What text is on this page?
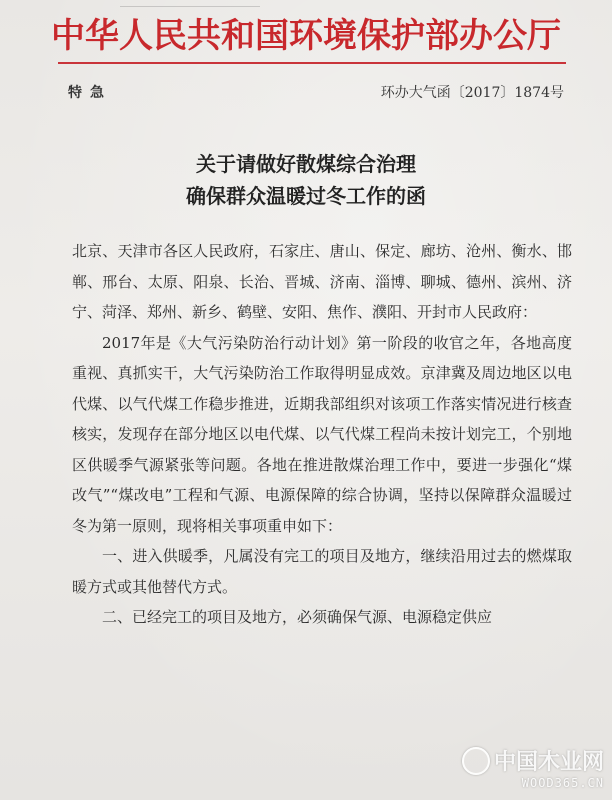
中华人民共和国环境保护部办公厅
特急	环办大气函〔2017〕1874号
关于请做好散煤综合治理
确保群众温暖过冬工作的函

北京、天津市各区人民政府，石家庄、唐山、保定、廊坊、沧州、衡水、邯郸、邢台、太原、阳泉、长治、晋城、济南、淄博、聊城、德州、滨州、济宁、菏泽、郑州、新乡、鹤壁、安阳、焦作、濮阳、开封市人民政府：

2017年是《大气污染防治行动计划》第一阶段的收官之年，各地高度重视、真抓实干，大气污染防治工作取得明显成效。京津冀及周边地区以电代煤、以气代煤工作稳步推进，近期我部组织对该项工作落实情况进行核查核实，发现存在部分地区以电代煤、以气代煤工程尚未按计划完工，个别地区供暖季气源紧张等问题。各地在推进散煤治理工作中，要进一步强化“煤改气”“煤改电”工程和气源、电源保障的综合协调，坚持以保障群众温暖过冬为第一原则，现将相关事项重申如下：

一、进入供暖季，凡属没有完工的项目及地方，继续沿用过去的燃煤取暖方式或其他替代方式。

二、已经完工的项目及地方，必须确保气源、电源稳定供应

中国木业网
WOOD365.CN
